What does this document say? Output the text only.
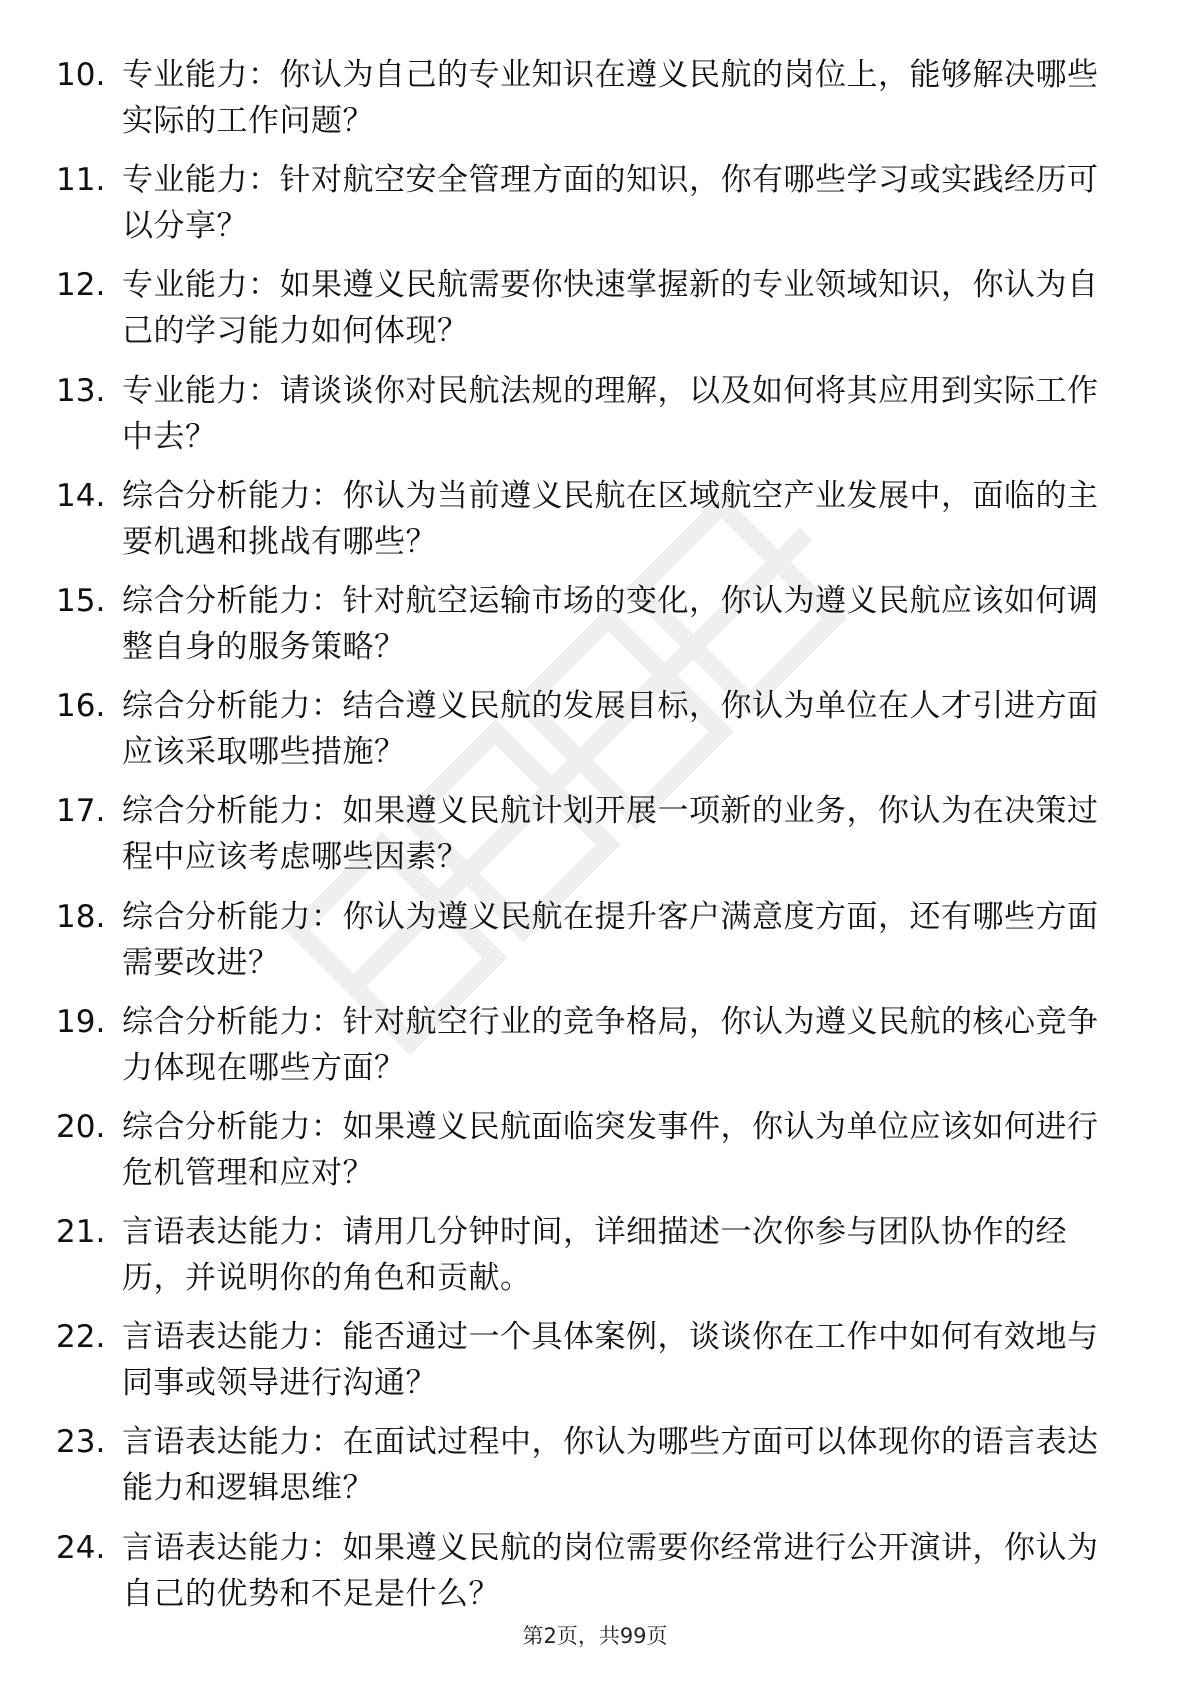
10. 专业能力：你认为自己的专业知识在遵义民航的岗位上，能够解决哪些实际的工作问题？
11. 专业能力：针对航空安全管理方面的知识，你有哪些学习或实践经历可以分享？
12. 专业能力：如果遵义民航需要你快速掌握新的专业领域知识，你认为自己的学习能力如何体现？
13. 专业能力：请谈谈你对民航法规的理解，以及如何将其应用到实际工作中去？
14. 综合分析能力：你认为当前遵义民航在区域航空产业发展中，面临的主要机遇和挑战有哪些？
15. 综合分析能力：针对航空运输市场的变化，你认为遵义民航应该如何调整自身的服务策略？
16. 综合分析能力：结合遵义民航的发展目标，你认为单位在人才引进方面应该采取哪些措施？
17. 综合分析能力：如果遵义民航计划开展一项新的业务，你认为在决策过程中应该考虑哪些因素？
18. 综合分析能力：你认为遵义民航在提升客户满意度方面，还有哪些方面需要改进？
19. 综合分析能力：针对航空行业的竞争格局，你认为遵义民航的核心竞争力体现在哪些方面？
20. 综合分析能力：如果遵义民航面临突发事件，你认为单位应该如何进行危机管理和应对？
21. 言语表达能力：请用几分钟时间，详细描述一次你参与团队协作的经历，并说明你的角色和贡献。
22. 言语表达能力：能否通过一个具体案例，谈谈你在工作中如何有效地与同事或领导进行沟通？
23. 言语表达能力：在面试过程中，你认为哪些方面可以体现你的语言表达能力和逻辑思维？
24. 言语表达能力：如果遵义民航的岗位需要你经常进行公开演讲，你认为自己的优势和不足是什么？
第2页，共99页
